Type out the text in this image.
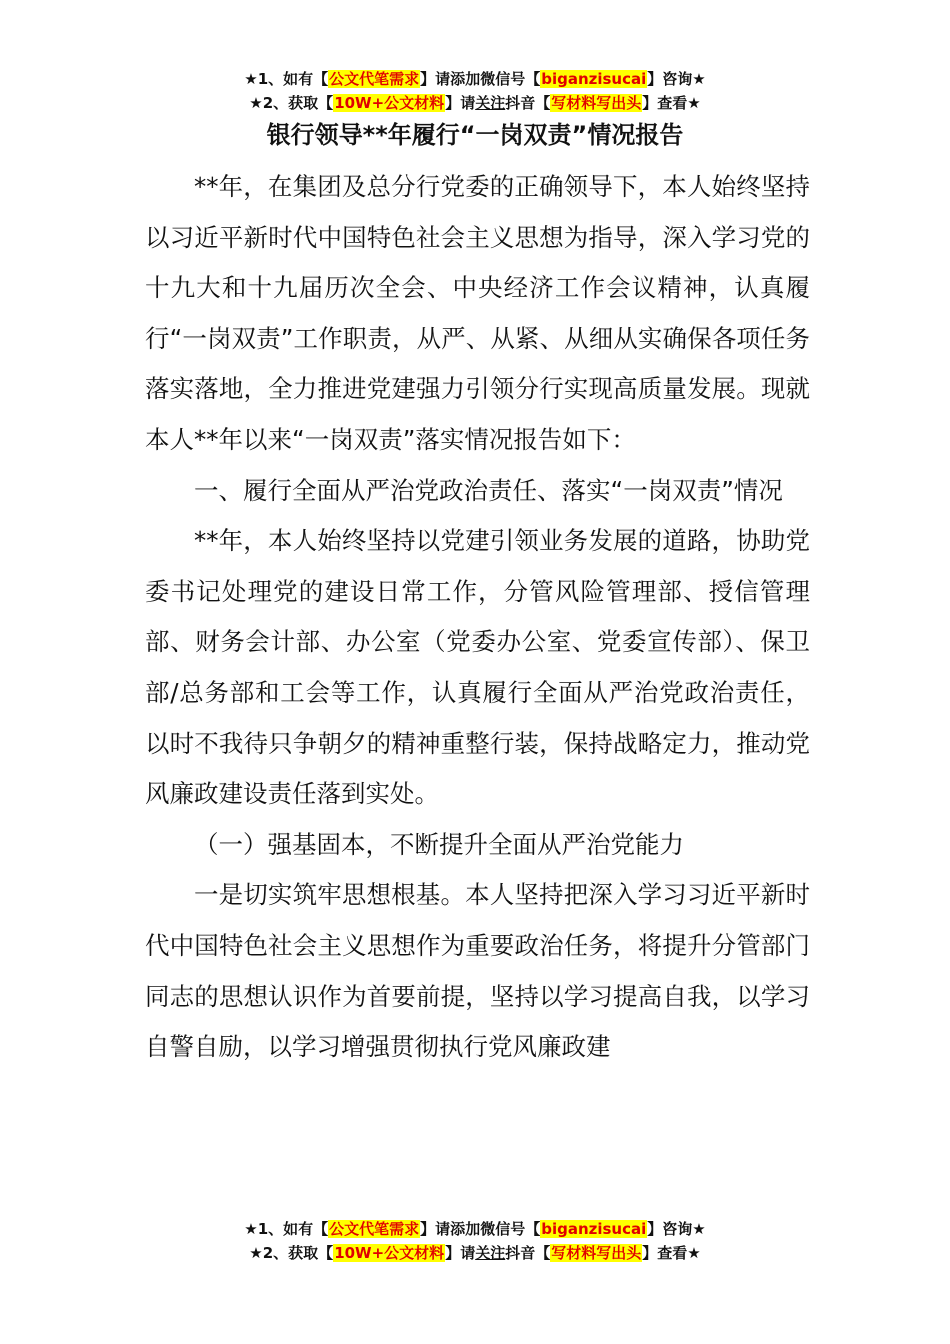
★1、如有【公文代笔需求】请添加微信号【biganzisucai】咨询★
★2、获取【10W+公文材料】请关注抖音【写材料写出头】查看★
银行领导**年履行“一岗双责”情况报告

**年，在集团及总分行党委的正确领导下，本人始终坚持以习近平新时代中国特色社会主义思想为指导，深入学习党的十九大和十九届历次全会、中央经济工作会议精神，认真履行“一岗双责”工作职责，从严、从紧、从细从实确保各项任务落实落地，全力推进党建强力引领分行实现高质量发展。现就本人**年以来“一岗双责”落实情况报告如下：

一、履行全面从严治党政治责任、落实“一岗双责”情况

**年，本人始终坚持以党建引领业务发展的道路，协助党委书记处理党的建设日常工作，分管风险管理部、授信管理部、财务会计部、办公室（党委办公室、党委宣传部）、保卫部/总务部和工会等工作，认真履行全面从严治党政治责任，以时不我待只争朝夕的精神重整行装，保持战略定力，推动党风廉政建设责任落到实处。

（一）强基固本，不断提升全面从严治党能力

一是切实筑牢思想根基。本人坚持把深入学习习近平新时代中国特色社会主义思想作为重要政治任务，将提升分管部门同志的思想认识作为首要前提，坚持以学习提高自我，以学习自警自励，以学习增强贯彻执行党风廉政建

★1、如有【公文代笔需求】请添加微信号【biganzisucai】咨询★
★2、获取【10W+公文材料】请关注抖音【写材料写出头】查看★
